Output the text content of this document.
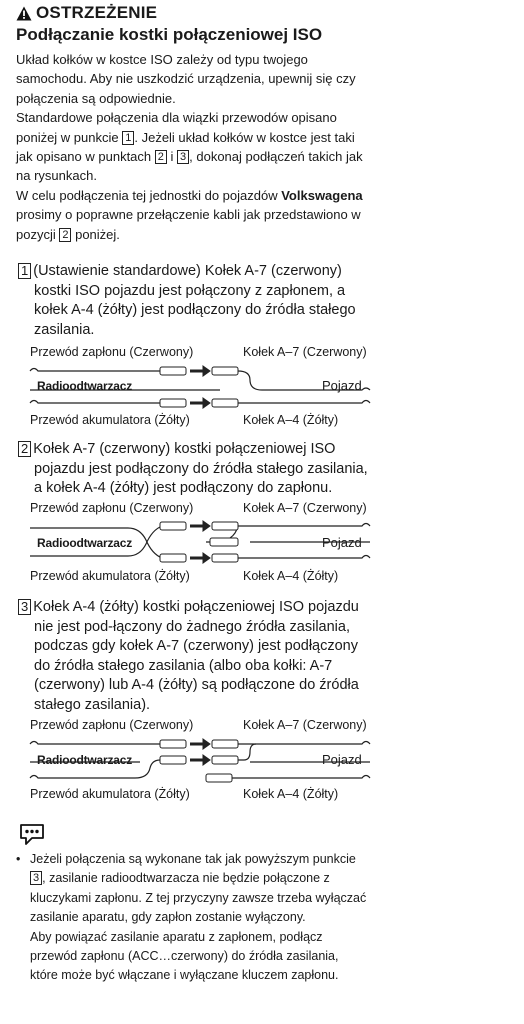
OSTRZEŻENIE
Podłączanie kostki połączeniowej ISO

Układ kołków w kostce ISO zależy od typu twojego
samochodu. Aby nie uszkodzić urządzenia, upewnij się czy
połączenia są odpowiednie.

Standardowe połączenia dla wiązki przewodów opisano
poniżej w punkcie 1 . Jeżeli układ kołków w kostce jest taki
jak opisano w punktach 2 i 3 , dokonaj podłączeń takich jak
na rysunkach.

W celu podłączenia tej jednostki do pojazdów Volkswagena
prosimy o poprawne przełączenie kabli jak przedstawiono w
pozycji 2 poniżej.

1 (Ustawienie standardowe) Kołek A-7 (czerwony)
kostki ISO pojazdu jest połączony z zapłonem, a
kołek A-4 (żółty) jest podłączony do źródła stałego
zasilania.
Przewód zapłonu (Czerwony)	Kołek A–7 (Czerwony)
Radioodtwarzacz	Pojazd
Przewód akumulatora (Żółty)	Kołek A–4 (Żółty)
2 Kołek A-7 (czerwony) kostki połączeniowej ISO
pojazdu jest podłączony do źródła stałego zasilania,
a kołek A-4 (żółty) jest podłączony do zapłonu.
Przewód zapłonu (Czerwony)	Kołek A–7 (Czerwony)
Radioodtwarzacz	Pojazd
Przewód akumulatora (Żółty)	Kołek A–4 (Żółty)
3 Kołek A-4 (żółty) kostki połączeniowej ISO pojazdu
nie jest pod-łączony do żadnego źródła zasilania,
podczas gdy kołek A-7 (czerwony) jest podłączony
do źródła stałego zasilania (albo oba kołki: A-7
(czerwony) lub A-4 (żółty) są podłączone do źródła
stałego zasilania).
Przewód zapłonu (Czerwony)	Kołek A–7 (Czerwony)
Radioodtwarzacz	Pojazd
Przewód akumulatora (Żółty)	Kołek A–4 (Żółty)
• Jeżeli połączenia są wykonane tak jak powyższym punkcie
3 , zasilanie radioodtwarzacza nie będzie połączone z
kluczykami zapłonu. Z tej przyczyny zawsze trzeba wyłączać
zasilanie aparatu, gdy zapłon zostanie wyłączony.
Aby powiązać zasilanie aparatu z zapłonem, podłącz
przewód zapłonu (ACC…czerwony) do źródła zasilania,
które może być włączane i wyłączane kluczem zapłonu.
